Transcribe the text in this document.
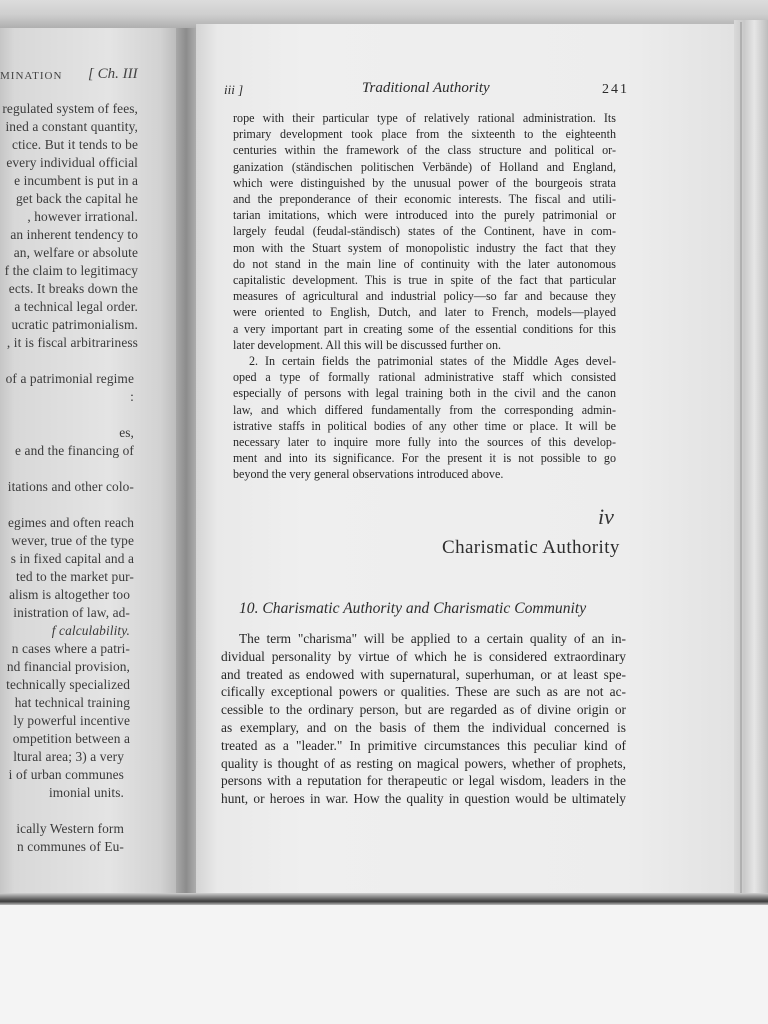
MINATION [ Ch. III
regulated system of fees,
ined a constant quantity,
ctice. But it tends to be
every individual official
e incumbent is put in a
get back the capital he
, however irrational.
an inherent tendency to
an, welfare or absolute
f the claim to legitimacy
ects. It breaks down the
a technical legal order.
ucratic patrimonialism.
, it is fiscal arbitrariness
of a patrimonial regime
:
es,
e and the financing of
itations and other colo-
egimes and often reach
wever, true of the type
s in fixed capital and a
ted to the market pur-
alism is altogether too
inistration of law, ad-
f calculability.
n cases where a patri-
nd financial provision,
technically specialized
hat technical training
ly powerful incentive
ompetition between a
ltural area; 3) a very
i of urban communes
imonial units.
ically Western form
n communes of Eu-
iii ]	Traditional Authority	241
rope with their particular type of relatively rational administration. Its
primary development took place from the sixteenth to the eighteenth
centuries within the framework of the class structure and political or-
ganization (ständischen politischen Verbände) of Holland and England,
which were distinguished by the unusual power of the bourgeois strata
and the preponderance of their economic interests. The fiscal and utili-
tarian imitations, which were introduced into the purely patrimonial or
largely feudal (feudal-ständisch) states of the Continent, have in com-
mon with the Stuart system of monopolistic industry the fact that they
do not stand in the main line of continuity with the later autonomous
capitalistic development. This is true in spite of the fact that particular
measures of agricultural and industrial policy—so far and because they
were oriented to English, Dutch, and later to French, models—played
a very important part in creating some of the essential conditions for this
later development. All this will be discussed further on.
2. In certain fields the patrimonial states of the Middle Ages devel-
oped a type of formally rational administrative staff which consisted
especially of persons with legal training both in the civil and the canon
law, and which differed fundamentally from the corresponding admin-
istrative staffs in political bodies of any other time or place. It will be
necessary later to inquire more fully into the sources of this develop-
ment and into its significance. For the present it is not possible to go
beyond the very general observations introduced above.
iv
Charismatic Authority
10. Charismatic Authority and Charismatic Community
The term "charisma" will be applied to a certain quality of an in-
dividual personality by virtue of which he is considered extraordinary
and treated as endowed with supernatural, superhuman, or at least spe-
cifically exceptional powers or qualities. These are such as are not ac-
cessible to the ordinary person, but are regarded as of divine origin or
as exemplary, and on the basis of them the individual concerned is
treated as a "leader." In primitive circumstances this peculiar kind of
quality is thought of as resting on magical powers, whether of prophets,
persons with a reputation for therapeutic or legal wisdom, leaders in the
hunt, or heroes in war. How the quality in question would be ultimately
